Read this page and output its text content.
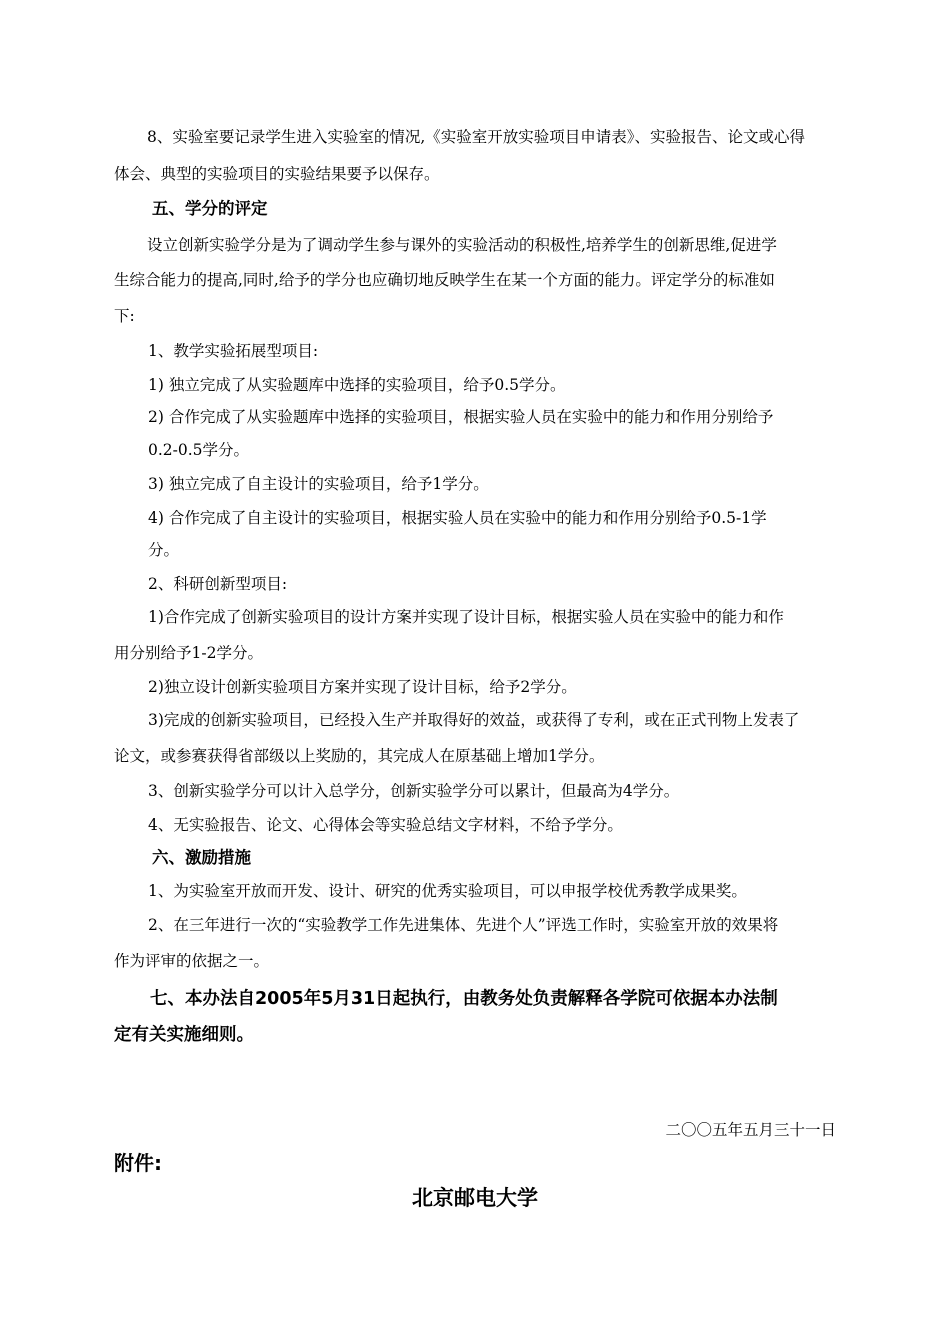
8、实验室要记录学生进入实验室的情况,《实验室开放实验项目申请表》、实验报告、论文或心得
体会、典型的实验项目的实验结果要予以保存。
五、学分的评定
设立创新实验学分是为了调动学生参与课外的实验活动的积极性,培养学生的创新思维,促进学
生综合能力的提高,同时,给予的学分也应确切地反映学生在某一个方面的能力。评定学分的标准如
下:
1、教学实验拓展型项目:
1) 独立完成了从实验题库中选择的实验项目，给予0.5学分。
2) 合作完成了从实验题库中选择的实验项目，根据实验人员在实验中的能力和作用分别给予
0.2-0.5学分。
3) 独立完成了自主设计的实验项目，给予1学分。
4) 合作完成了自主设计的实验项目，根据实验人员在实验中的能力和作用分别给予0.5-1学
分。
2、科研创新型项目:
1)合作完成了创新实验项目的设计方案并实现了设计目标，根据实验人员在实验中的能力和作
用分别给予1-2学分。
2)独立设计创新实验项目方案并实现了设计目标，给予2学分。
3)完成的创新实验项目，已经投入生产并取得好的效益，或获得了专利，或在正式刊物上发表了
论文，或参赛获得省部级以上奖励的，其完成人在原基础上增加1学分。
3、创新实验学分可以计入总学分，创新实验学分可以累计，但最高为4学分。
4、无实验报告、论文、心得体会等实验总结文字材料，不给予学分。
六、激励措施
1、为实验室开放而开发、设计、研究的优秀实验项目，可以申报学校优秀教学成果奖。
2、在三年进行一次的“实验教学工作先进集体、先进个人”评选工作时，实验室开放的效果将
作为评审的依据之一。
七、本办法自2005年5月31日起执行，由教务处负责解释各学院可依据本办法制
定有关实施细则。
二〇〇五年五月三十一日
附件:
北京邮电大学
